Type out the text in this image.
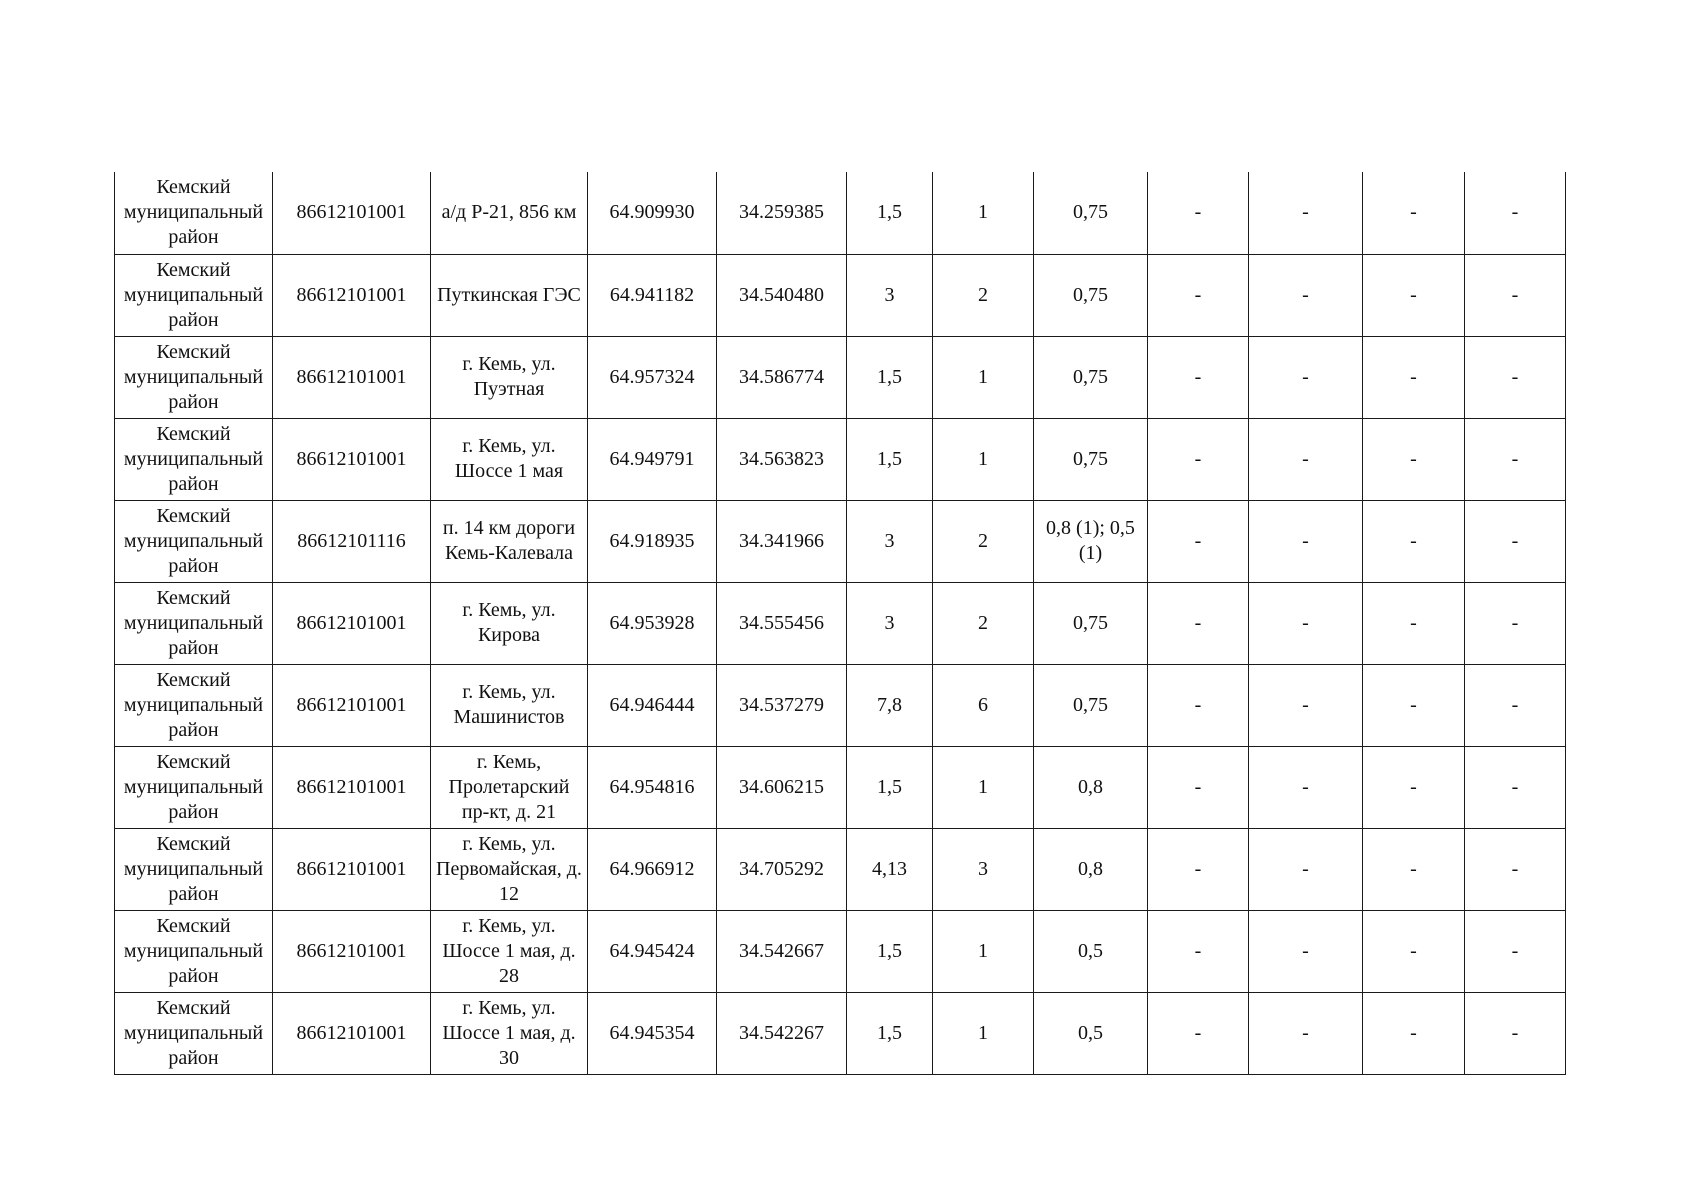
Кемский муниципальный район	86612101001	а/д Р-21, 856 км	64.909930	34.259385	1,5	1	0,75	-	-	-	-
Кемский муниципальный район	86612101001	Путкинская ГЭС	64.941182	34.540480	3	2	0,75	-	-	-	-
Кемский муниципальный район	86612101001	г. Кемь, ул. Пуэтная	64.957324	34.586774	1,5	1	0,75	-	-	-	-
Кемский муниципальный район	86612101001	г. Кемь, ул. Шоссе 1 мая	64.949791	34.563823	1,5	1	0,75	-	-	-	-
Кемский муниципальный район	86612101116	п. 14 км дороги Кемь-Калевала	64.918935	34.341966	3	2	0,8 (1); 0,5 (1)	-	-	-	-
Кемский муниципальный район	86612101001	г. Кемь, ул. Кирова	64.953928	34.555456	3	2	0,75	-	-	-	-
Кемский муниципальный район	86612101001	г. Кемь, ул. Машинистов	64.946444	34.537279	7,8	6	0,75	-	-	-	-
Кемский муниципальный район	86612101001	г. Кемь, Пролетарский пр-кт, д. 21	64.954816	34.606215	1,5	1	0,8	-	-	-	-
Кемский муниципальный район	86612101001	г. Кемь, ул. Первомайская, д. 12	64.966912	34.705292	4,13	3	0,8	-	-	-	-
Кемский муниципальный район	86612101001	г. Кемь, ул. Шоссе 1 мая, д. 28	64.945424	34.542667	1,5	1	0,5	-	-	-	-
Кемский муниципальный район	86612101001	г. Кемь, ул. Шоссе 1 мая, д. 30	64.945354	34.542267	1,5	1	0,5	-	-	-	-
